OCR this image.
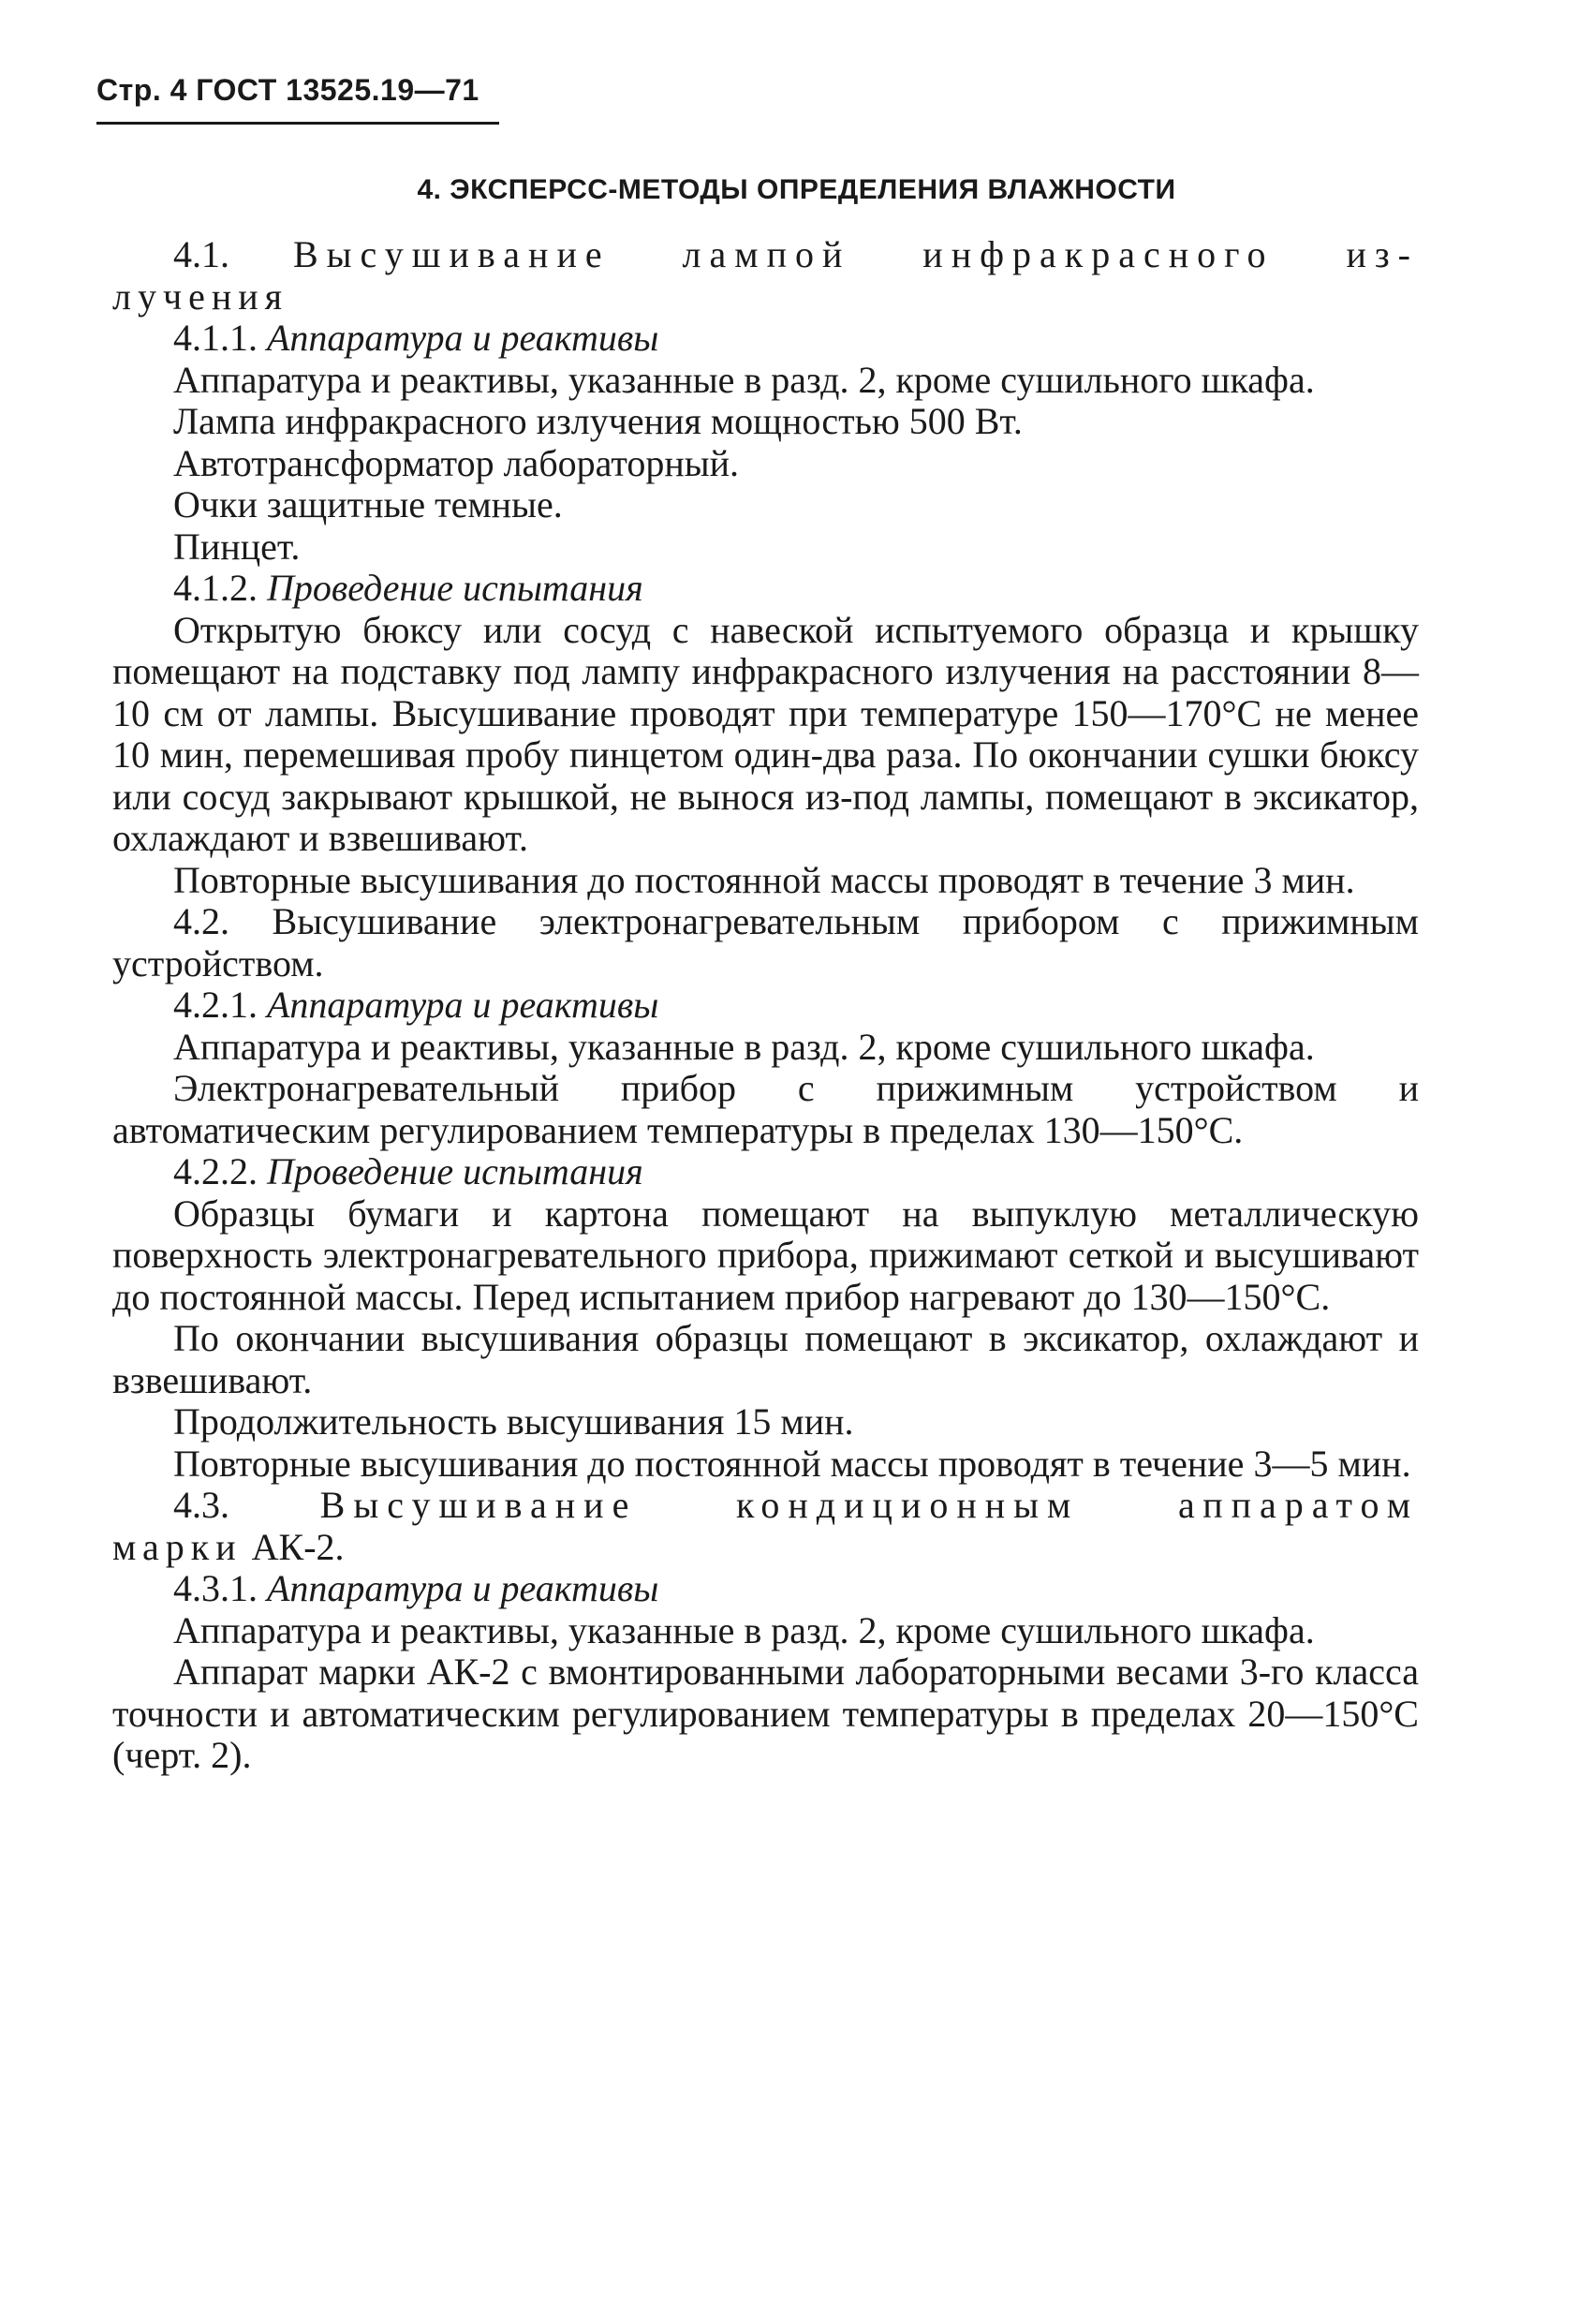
Стр. 4 ГОСТ 13525.19—71
4. ЭКСПЕРСС-МЕТОДЫ ОПРЕДЕЛЕНИЯ ВЛАЖНОСТИ

4.1. Высушивание лампой инфракрасного из-

лучения

4.1.1. Аппаратура и реактивы

Аппаратура и реактивы, указанные в разд. 2, кроме сушильного шкафа.

Лампа инфракрасного излучения мощностью 500 Вт.

Автотрансформатор лабораторный.

Очки защитные темные.

Пинцет.

4.1.2. Проведение испытания

Открытую бюксу или сосуд с навеской испытуемого образца и крышку помещают на подставку под лампу инфракрасного излучения на расстоянии 8—10 см от лампы. Высушивание проводят при температуре 150—170°С не менее 10 мин, перемешивая пробу пинцетом один-два раза. По окончании сушки бюксу или сосуд закрывают крышкой, не вынося из-под лампы, помещают в эксикатор, охлаждают и взвешивают.

Повторные высушивания до постоянной массы проводят в течение 3 мин.

4.2. Высушивание электронагревательным прибором с прижимным устройством.

4.2.1. Аппаратура и реактивы

Аппаратура и реактивы, указанные в разд. 2, кроме сушильного шкафа.

Электронагревательный прибор с прижимным устройством и автоматическим регулированием температуры в пределах 130—150°С.

4.2.2. Проведение испытания

Образцы бумаги и картона помещают на выпуклую металлическую поверхность электронагревательного прибора, прижимают сеткой и высушивают до постоянной массы. Перед испытанием прибор нагревают до 130—150°С.

По окончании высушивания образцы помещают в эксикатор, охлаждают и взвешивают.

Продолжительность высушивания 15 мин.

Повторные высушивания до постоянной массы проводят в течение 3—5 мин.

4.3. Высушивание кондиционным аппаратом

марки АК-2.

4.3.1. Аппаратура и реактивы

Аппаратура и реактивы, указанные в разд. 2, кроме сушильного шкафа.

Аппарат марки АК-2 с вмонтированными лабораторными весами 3-го класса точности и автоматическим регулированием температуры в пределах 20—150°С (черт. 2).
